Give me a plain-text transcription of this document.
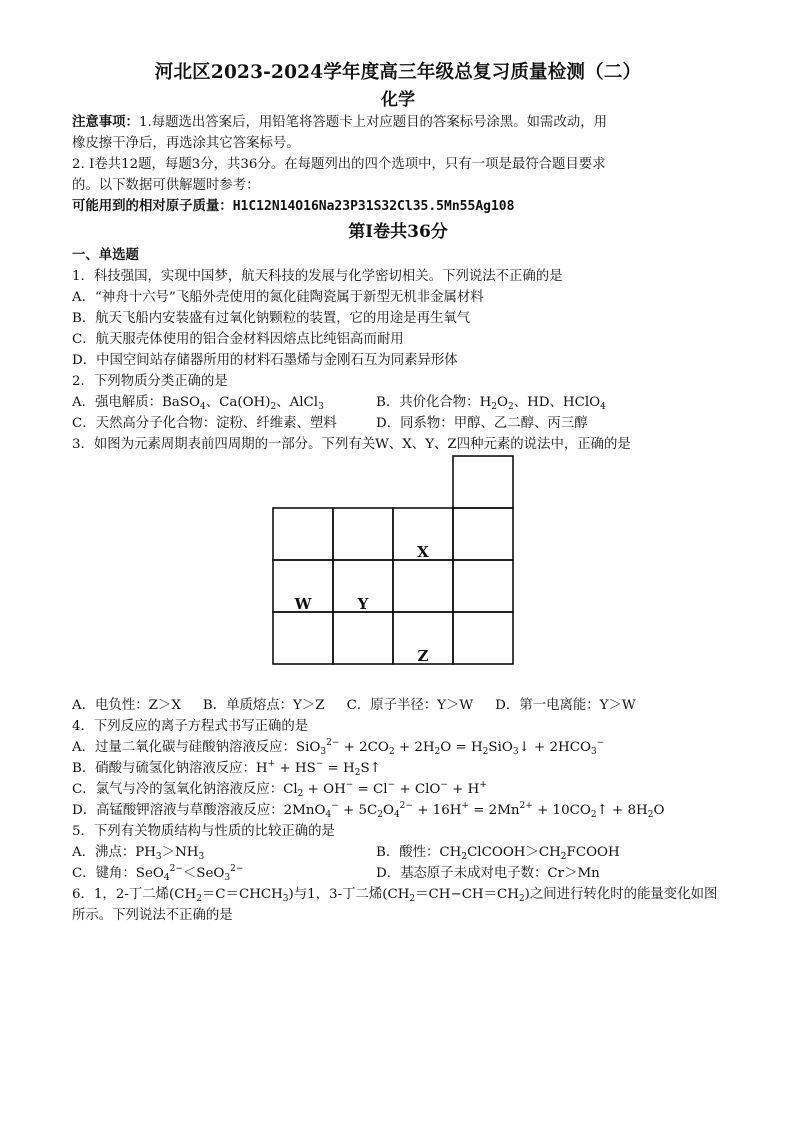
河北区2023-2024学年度高三年级总复习质量检测（二）
化学

注意事项：1.每题选出答案后，用铅笔将答题卡上对应题目的答案标号涂黑。如需改动，用

橡皮擦干净后，再选涂其它答案标号。

2. Ⅰ卷共12题，每题3分，共36分。在每题列出的四个选项中，只有一项是最符合题目要求

的。以下数据可供解题时参考：

可能用到的相对原子质量：H1C12N14O16Na23P31S32Cl35.5Mn55Ag108

第Ⅰ卷共36分

一、单选题

1．科技强国，实现中国梦，航天科技的发展与化学密切相关。下列说法不正确的是

A．“神舟十六号”飞船外壳使用的氮化硅陶瓷属于新型无机非金属材料

B．航天飞船内安装盛有过氧化钠颗粒的装置，它的用途是再生氧气

C．航天服壳体使用的铝合金材料因熔点比纯铝高而耐用

D．中国空间站存储器所用的材料石墨烯与金刚石互为同素异形体

2．下列物质分类正确的是

A．强电解质：BaSO$_4$、$Ca(OH)_2$、AlCl$_3$	B．共价化合物：$H_2O_2$、HD、HClO$_4$
C．天然高分子化合物：淀粉、纤维素、塑料	D．同系物：甲醇、乙二醇、丙三醇

3．如图为元素周期表前四周期的一部分。下列有关W、X、Y、Z四种元素的说法中，正确的是

X
W	Y
Z
A．电负性：Z＞X B．单质熔点：Y＞Z C．原子半径：Y＞W D．第一电离能：Y＞W

4．下列反应的离子方程式书写正确的是

A．过量二氧化碳与硅酸钠溶液反应：$SiO_3^{2-} + 2CO_2 + 2H_2O$ = $H_2SiO_3↓ + 2HCO_3^-$

B．硝酸与硫氢化钠溶液反应：$H^+ + HS^- = H_2S↑$

C．氯气与冷的氢氧化钠溶液反应：$Cl_2 + OH^- = Cl^- + ClO^- + H^+$

D．高锰酸钾溶液与草酸溶液反应：$2MnO_4^- + 5C_2O_4^{2-} + 16H^+ = 2Mn^{2+}$ + $10CO_2↑ + 8H_2O$

5．下列有关物质结构与性质的比较正确的是

A．沸点：$PH_3>NH_3$	B．酸性：$CH_2ClCOOH>CH_2FCOOH$
C．键角：SeO$_4^{2-}$＜SeO$_3^{2-}$	D．基态原子未成对电子数：Cr＞Mn

6．1，2-丁二烯$(CH_2=C=CHCH_3)$与1，3-丁二烯$(CH_2=CH-CH=CH_2)$之间进行转化时的能量变化如图

所示。下列说法不正确的是
